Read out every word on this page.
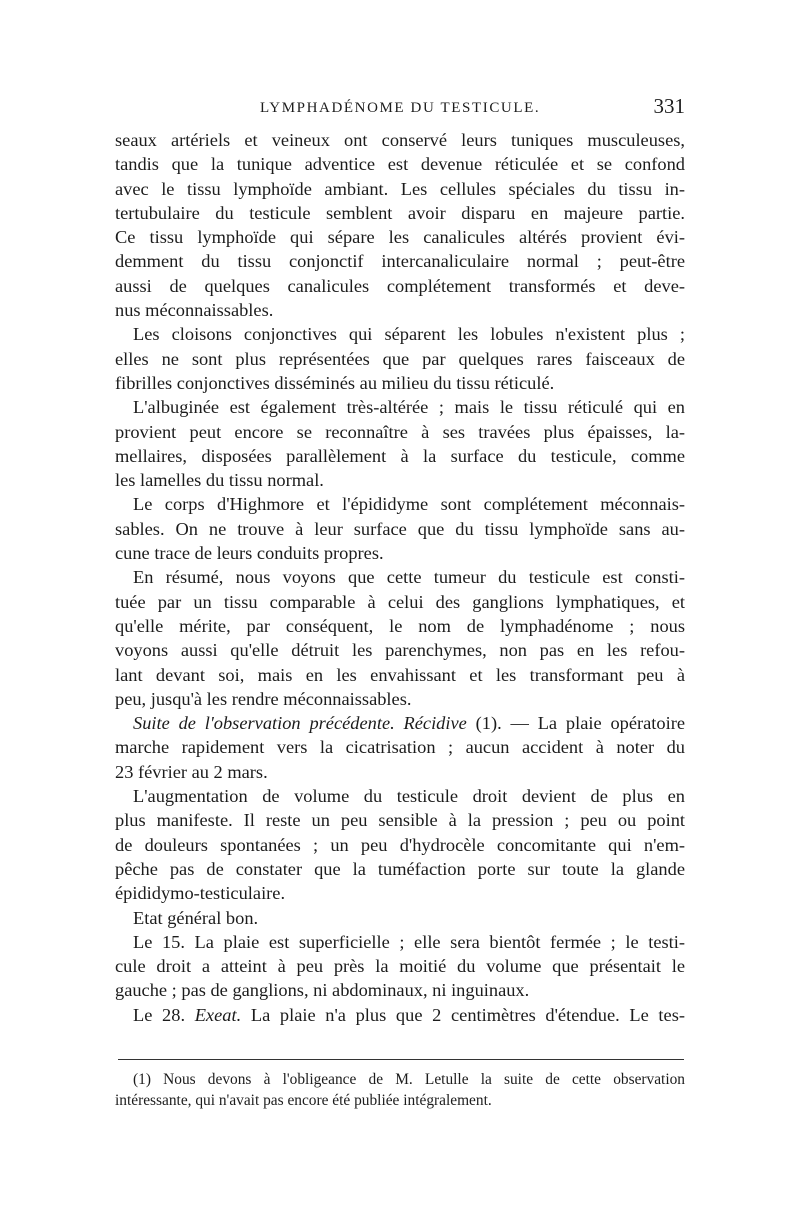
LYMPHADÉNOME DU TESTICULE.	331
seaux artériels et veineux ont conservé leurs tuniques musculeuses,
tandis que la tunique adventice est devenue réticulée et se confond
avec le tissu lymphoïde ambiant. Les cellules spéciales du tissu in-
tertubulaire du testicule semblent avoir disparu en majeure partie.
Ce tissu lymphoïde qui sépare les canalicules altérés provient évi-
demment du tissu conjonctif intercanaliculaire normal ; peut-être
aussi de quelques canalicules complétement transformés et deve-
nus méconnaissables.
Les cloisons conjonctives qui séparent les lobules n'existent plus ;
elles ne sont plus représentées que par quelques rares faisceaux de
fibrilles conjonctives disséminés au milieu du tissu réticulé.
L'albuginée est également très-altérée ; mais le tissu réticulé qui en
provient peut encore se reconnaître à ses travées plus épaisses, la-
mellaires, disposées parallèlement à la surface du testicule, comme
les lamelles du tissu normal.
Le corps d'Highmore et l'épididyme sont complétement méconnais-
sables. On ne trouve à leur surface que du tissu lymphoïde sans au-
cune trace de leurs conduits propres.
En résumé, nous voyons que cette tumeur du testicule est consti-
tuée par un tissu comparable à celui des ganglions lymphatiques, et
qu'elle mérite, par conséquent, le nom de lymphadénome ; nous
voyons aussi qu'elle détruit les parenchymes, non pas en les refou-
lant devant soi, mais en les envahissant et les transformant peu à
peu, jusqu'à les rendre méconnaissables.
Suite de l'observation précédente. Récidive (1). — La plaie opératoire
marche rapidement vers la cicatrisation ; aucun accident à noter du
23 février au 2 mars.
L'augmentation de volume du testicule droit devient de plus en
plus manifeste. Il reste un peu sensible à la pression ; peu ou point
de douleurs spontanées ; un peu d'hydrocèle concomitante qui n'em-
pêche pas de constater que la tuméfaction porte sur toute la glande
épididymo-testiculaire.
Etat général bon.
Le 15. La plaie est superficielle ; elle sera bientôt fermée ; le testi-
cule droit a atteint à peu près la moitié du volume que présentait le
gauche ; pas de ganglions, ni abdominaux, ni inguinaux.
Le 28. Exeat. La plaie n'a plus que 2 centimètres d'étendue. Le tes-
(1) Nous devons à l'obligeance de M. Letulle la suite de cette observation
intéressante, qui n'avait pas encore été publiée intégralement.
